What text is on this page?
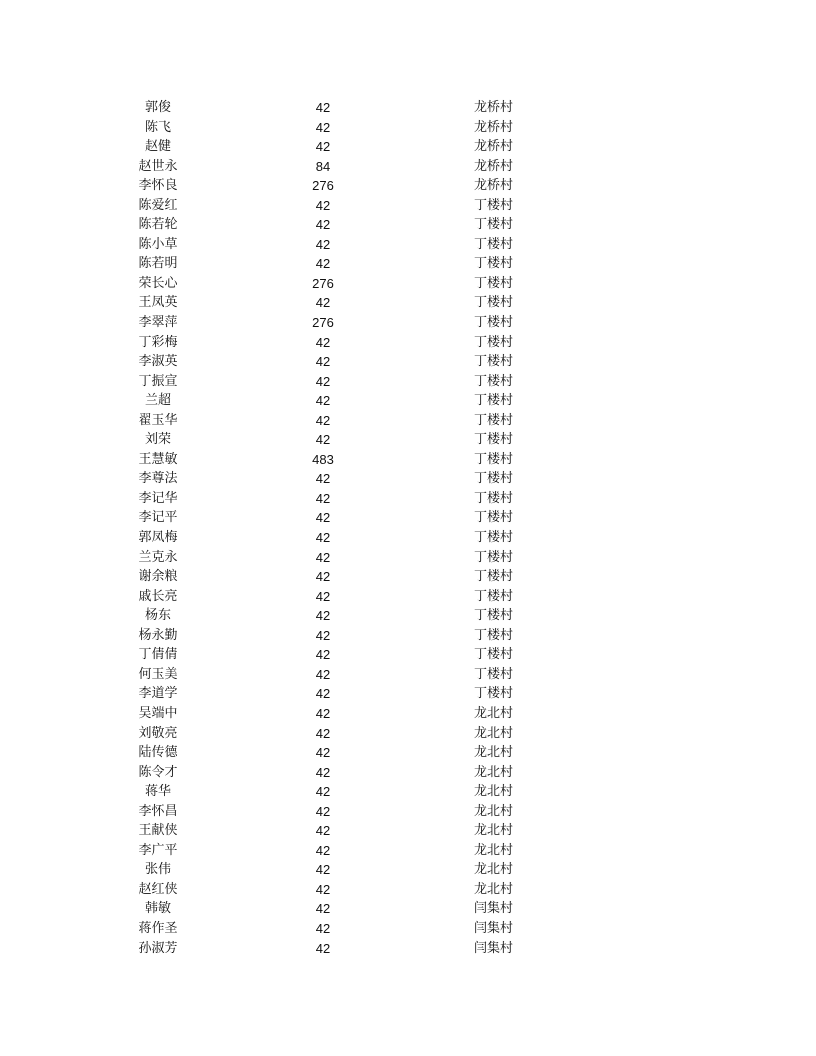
郭俊	42	龙桥村
陈飞	42	龙桥村
赵健	42	龙桥村
赵世永	84	龙桥村
李怀良	276	龙桥村
陈爱红	42	丁楼村
陈若轮	42	丁楼村
陈小草	42	丁楼村
陈若明	42	丁楼村
荣长心	276	丁楼村
王凤英	42	丁楼村
李翠萍	276	丁楼村
丁彩梅	42	丁楼村
李淑英	42	丁楼村
丁振宣	42	丁楼村
兰超	42	丁楼村
翟玉华	42	丁楼村
刘荣	42	丁楼村
王慧敏	483	丁楼村
李尊法	42	丁楼村
李记华	42	丁楼村
李记平	42	丁楼村
郭凤梅	42	丁楼村
兰克永	42	丁楼村
谢余粮	42	丁楼村
戚长亮	42	丁楼村
杨东	42	丁楼村
杨永勤	42	丁楼村
丁倩倩	42	丁楼村
何玉美	42	丁楼村
李道学	42	丁楼村
吴端中	42	龙北村
刘敬亮	42	龙北村
陆传德	42	龙北村
陈令才	42	龙北村
蒋华	42	龙北村
李怀昌	42	龙北村
王献侠	42	龙北村
李广平	42	龙北村
张伟	42	龙北村
赵红侠	42	龙北村
韩敏	42	闫集村
蒋作圣	42	闫集村
孙淑芳	42	闫集村
